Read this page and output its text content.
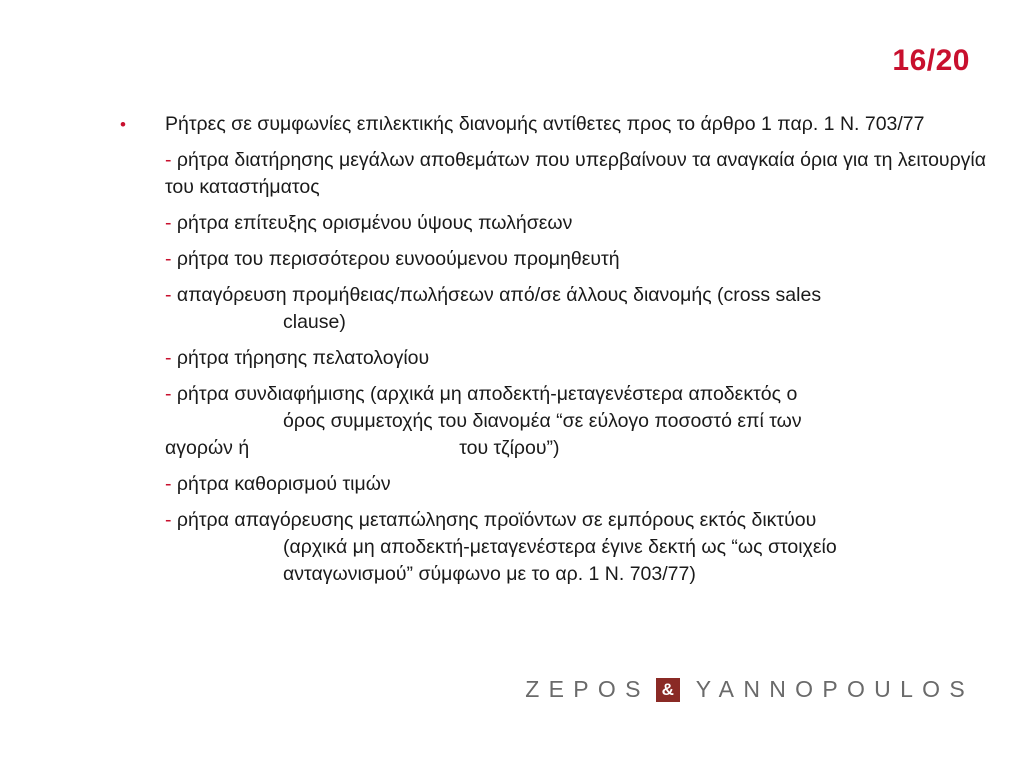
16/20
•	Ρήτρες σε συμφωνίες επιλεκτικής διανομής αντίθετες προς το άρθρο 1 παρ. 1 Ν. 703/77
- ρήτρα διατήρησης μεγάλων αποθεμάτων που υπερβαίνουν τα αναγκαία όρια για τη λειτουργία του καταστήματος
- ρήτρα επίτευξης ορισμένου ύψους πωλήσεων
- ρήτρα του περισσότερου ευνοούμενου προμηθευτή
- απαγόρευση προμήθειας/πωλήσεων από/σε άλλους διανομής (cross sales
clause)
- ρήτρα τήρησης πελατολογίου
- ρήτρα συνδιαφήμισης (αρχικά μη αποδεκτή-μεταγενέστερα αποδεκτός ο
όρος συμμετοχής του διανομέα “σε εύλογο ποσοστό επί των
αγορών ή	του τζίρου”)
- ρήτρα καθορισμού τιμών
- ρήτρα απαγόρευσης μεταπώλησης προϊόντων σε εμπόρους εκτός δικτύου
(αρχικά μη αποδεκτή-μεταγενέστερα έγινε δεκτή ως “ως στοιχείο
ανταγωνισμού” σύμφωνο με το αρ. 1 Ν. 703/77)
ZEPOS & YANNOPOULOS
